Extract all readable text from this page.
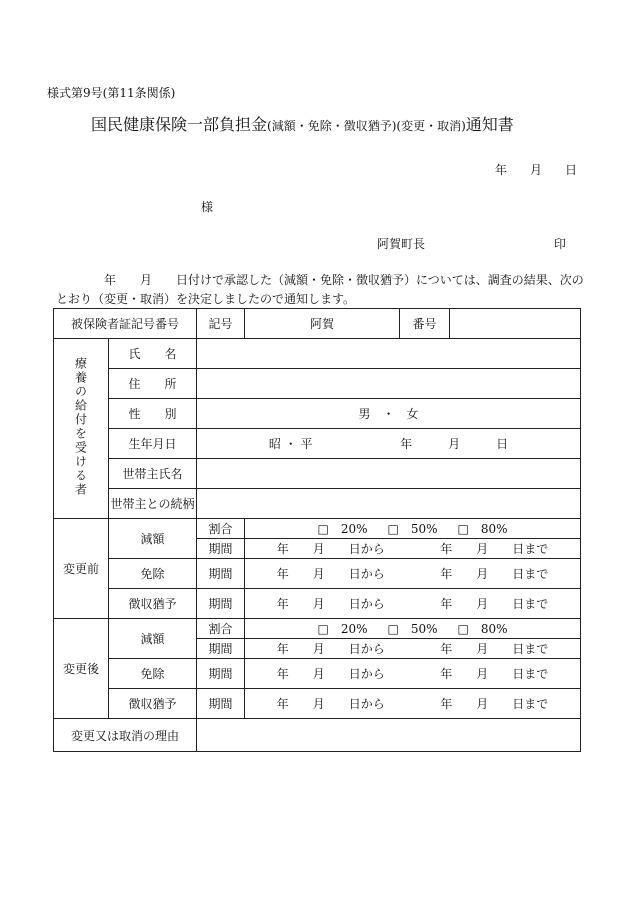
様式第9号(第11条関係)
国民健康保険一部負担金(減額・免除・徴収猶予)(変更・取消)通知書
年 月 日
様
阿賀町長	印
年　　月　　日付けで承認した（減額・免除・徴収猶予）については、調査の結果、次の
とおり（変更・取消）を決定しましたので通知します。
被保険者証記号番号		記号	阿賀	番号	
療養の給付を受ける者	氏　　名				
	住　　所				
	性　　別	男　・　女			
	生年月日	昭 ・ 平 年　　　月　　　日			
	世帯主氏名				
	世帯主との続柄				
変更前	減額	割合	□　20% □　50% □　80%		

		期間	年　　月　　日から 年　　月　　日まで		

	免除	期間	年　　月　　日から 年　　月　　日まで		

	徴収猶予	期間	年　　月　　日から 年　　月　　日まで		

変更後	減額	割合	□　20% □　50% □　80%		

		期間	年　　月　　日から 年　　月　　日まで		

	免除	期間	年　　月　　日から 年　　月　　日まで		

	徴収猶予	期間	年　　月　　日から 年　　月　　日まで		

変更又は取消の理由					
